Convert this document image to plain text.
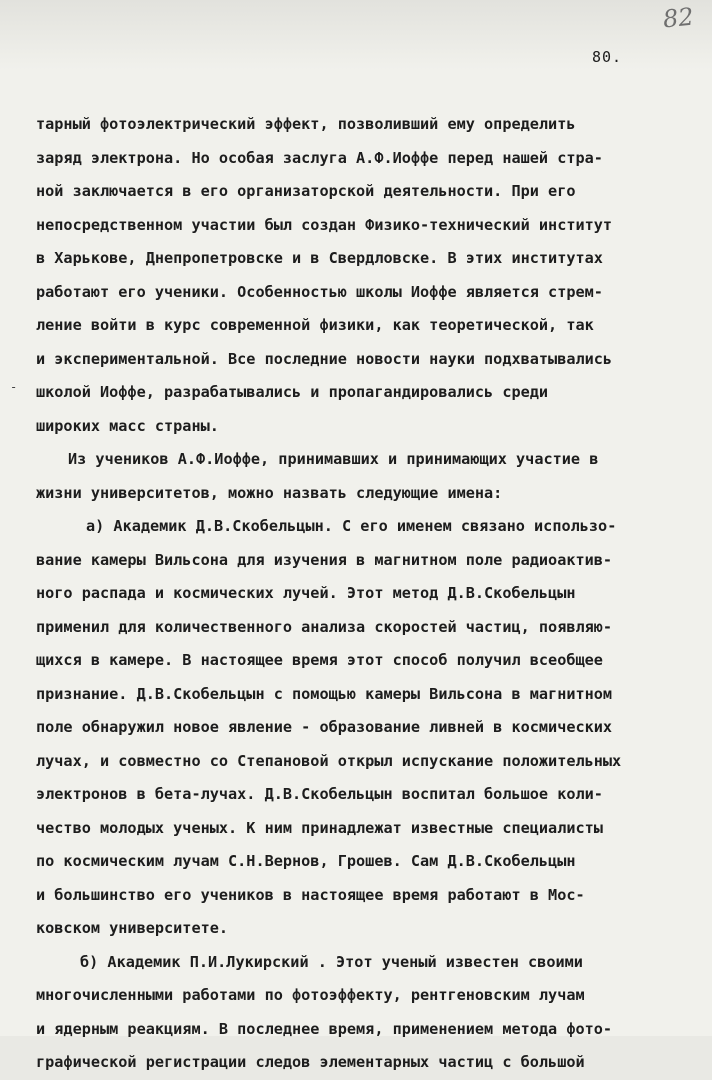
82
80.
-
тарный фотоэлектрический эффект, позволивший ему определить
заряд электрона. Но особая заслуга А.Ф.Иоффе перед нашей стра-
ной заключается в его организаторской деятельности. При его
непосредственном участии был создан Физико-технический институт
в Харькове, Днепропетровске и в Свердловске. В этих институтах
работают его ученики. Особенностью школы Иоффе является стрем-
ление войти в курс современной физики, как теоретической, так
и экспериментальной. Все последние новости науки подхватывались
школой Иоффе, разрабатывались и пропагандировались среди
широких масс страны.
Из учеников А.Ф.Иоффе, принимавших и принимающих участие в
жизни университетов, можно назвать следующие имена:
а) Академик Д.В.Скобельцын. С его именем связано использо-
вание камеры Вильсона для изучения в магнитном поле радиоактив-
ного распада и космических лучей. Этот метод Д.В.Скобельцын
применил для количественного анализа скоростей частиц, появляю-
щихся в камере. В настоящее время этот способ получил всеобщее
признание. Д.В.Скобельцын с помощью камеры Вильсона в магнитном
поле обнаружил новое явление - образование ливней в космических
лучах, и совместно со Степановой открыл испускание положительных
электронов в бета-лучах. Д.В.Скобельцын воспитал большое коли-
чество молодых ученых. К ним принадлежат известные специалисты
по космическим лучам С.Н.Вернов, Грошев. Сам Д.В.Скобельцын
и большинство его учеников в настоящее время работают в Мос-
ковском университете.
б) Академик П.И.Лукирский . Этот ученый известен своими
многочисленными работами по фотоэффекту, рентгеновским лучам
и ядерным реакциям. В последнее время, применением метода фото-
графической регистрации следов элементарных частиц с большой
